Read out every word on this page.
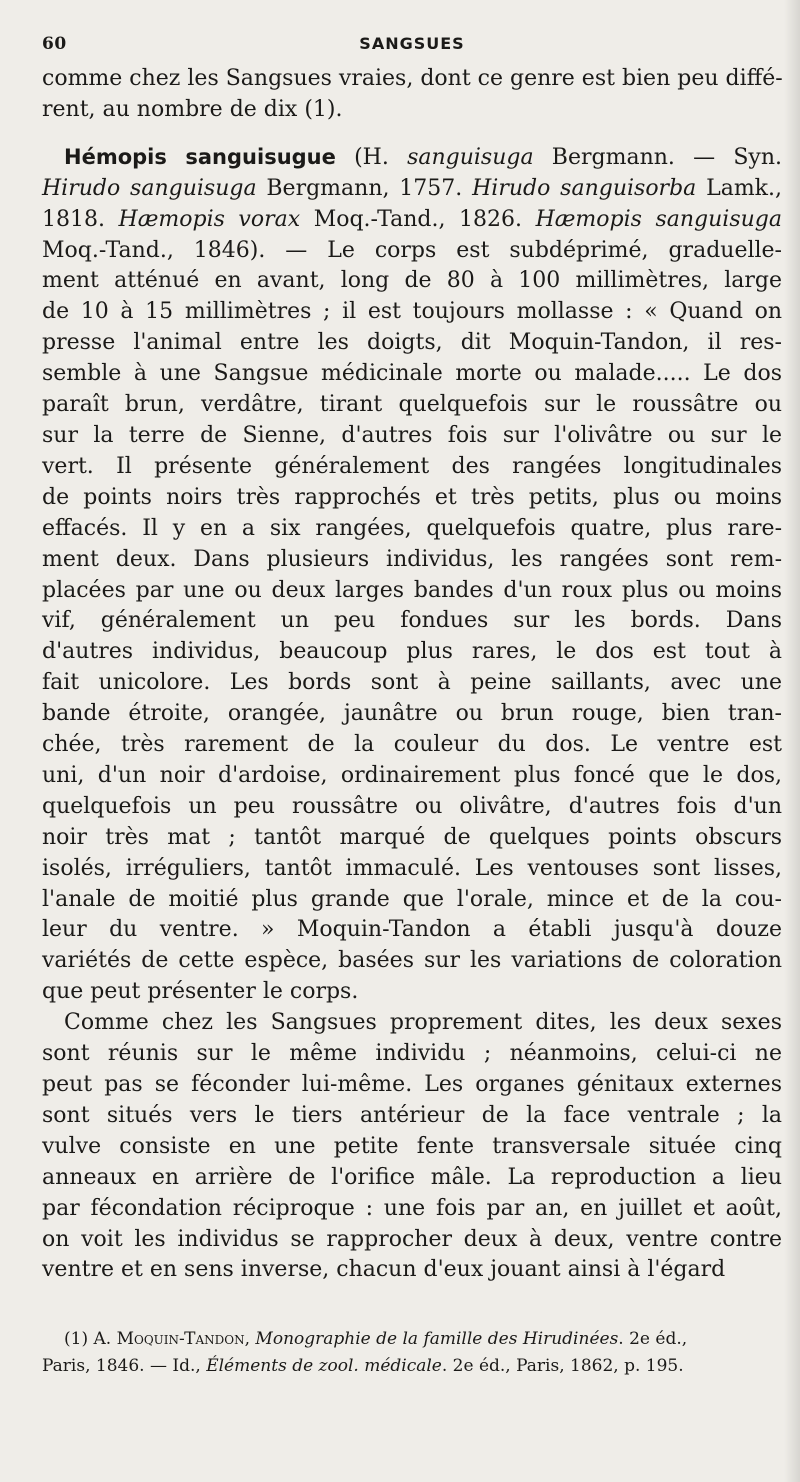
60	SANGSUES
comme chez les Sangsues vraies, dont ce genre est bien peu diffé-
rent, au nombre de dix (1).
Hémopis sanguisugue (H. sanguisuga Bergmann. — Syn.
Hirudo sanguisuga Bergmann, 1757. Hirudo sanguisorba Lamk.,
1818. Hæmopis vorax Moq.-Tand., 1826. Hæmopis sanguisuga
Moq.-Tand., 1846). — Le corps est subdéprimé, graduelle-
ment atténué en avant, long de 80 à 100 millimètres, large
de 10 à 15 millimètres ; il est toujours mollasse : « Quand on
presse l'animal entre les doigts, dit Moquin-Tandon, il res-
semble à une Sangsue médicinale morte ou malade..... Le dos
paraît brun, verdâtre, tirant quelquefois sur le roussâtre ou
sur la terre de Sienne, d'autres fois sur l'olivâtre ou sur le
vert. Il présente généralement des rangées longitudinales
de points noirs très rapprochés et très petits, plus ou moins
effacés. Il y en a six rangées, quelquefois quatre, plus rare-
ment deux. Dans plusieurs individus, les rangées sont rem-
placées par une ou deux larges bandes d'un roux plus ou moins
vif, généralement un peu fondues sur les bords. Dans
d'autres individus, beaucoup plus rares, le dos est tout à
fait unicolore. Les bords sont à peine saillants, avec une
bande étroite, orangée, jaunâtre ou brun rouge, bien tran-
chée, très rarement de la couleur du dos. Le ventre est
uni, d'un noir d'ardoise, ordinairement plus foncé que le dos,
quelquefois un peu roussâtre ou olivâtre, d'autres fois d'un
noir très mat ; tantôt marqué de quelques points obscurs
isolés, irréguliers, tantôt immaculé. Les ventouses sont lisses,
l'anale de moitié plus grande que l'orale, mince et de la cou-
leur du ventre. » Moquin-Tandon a établi jusqu'à douze
variétés de cette espèce, basées sur les variations de coloration
que peut présenter le corps.
Comme chez les Sangsues proprement dites, les deux sexes
sont réunis sur le même individu ; néanmoins, celui-ci ne
peut pas se féconder lui-même. Les organes génitaux externes
sont situés vers le tiers antérieur de la face ventrale ; la
vulve consiste en une petite fente transversale située cinq
anneaux en arrière de l'orifice mâle. La reproduction a lieu
par fécondation réciproque : une fois par an, en juillet et août,
on voit les individus se rapprocher deux à deux, ventre contre
ventre et en sens inverse, chacun d'eux jouant ainsi à l'égard
(1) A. Moquin-Tandon, Monographie de la famille des Hirudinées. 2e éd.,
Paris, 1846. — Id., Éléments de zool. médicale. 2e éd., Paris, 1862, p. 195.
